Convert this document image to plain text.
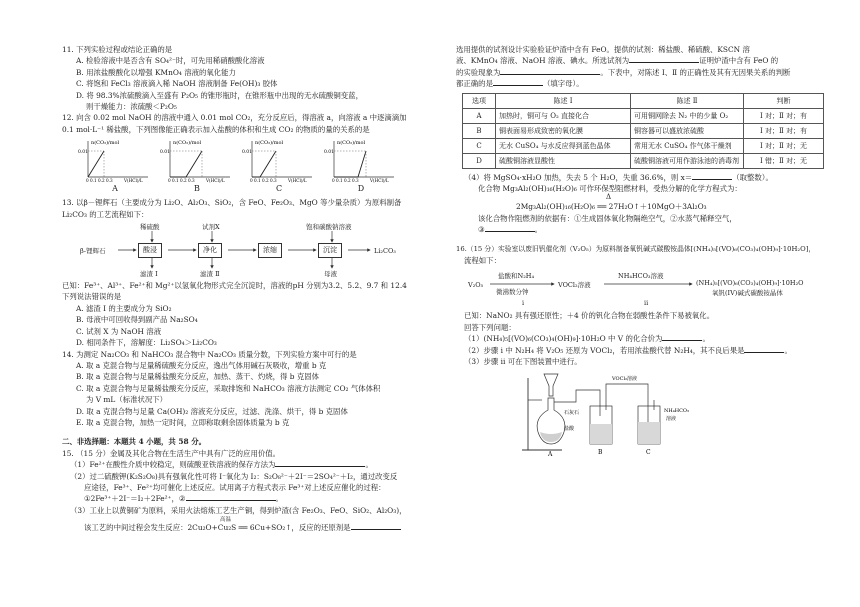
11. 下列实验过程或结论正确的是

A. 检验溶液中是否含有 SO₄²⁻时，可先用稀硝酸酸化溶液

B. 用浓盐酸酸化以增强 KMnO₄ 溶液的氧化能力

C. 将饱和 FeCl₃ 溶液滴入稀 NaOH 溶液制备 Fe(OH)₃ 胶体

D. 将 98.3%浓硫酸滴入至盛有 P₂O₅ 的锥形瓶时，在锥形瓶中出现的无水硫酸铜变蓝，

则干燥能力：浓硫酸＜P₂O₅

12. 向含 0.02 mol NaOH 的溶液中通入 0.01 mol CO₂，充分反应后，得溶液 a，向溶液 a 中逐滴滴加

0.1 mol·L⁻¹ 稀盐酸，下列图像能正确表示加入盐酸的体积和生成 CO₂ 的物质的量的关系的是

n(CO₂)/mol
0.01
0 0.1 0.2 0.3	V(HCl)/L
A
n(CO₂)/mol
0.01
0 0.1 0.2 0.3	V(HCl)/L
B
n(CO₂)/mol
0.01
0 0.1 0.2 0.3	V(HCl)/L
C
n(CO₂)/mol
0.01
0 0.1 0.2 0.3	V(HCl)/L
D

13. 以β－锂辉石（主要成分为 Li₂O、Al₂O₃、SiO₂，含 FeO、Fe₂O₃、MgO 等少量杂质）为原料制备

Li₂CO₃ 的工艺流程如下：

β-锂辉石	酸浸	净化	浓缩	沉淀	Li₂CO₃
稀硫酸	试剂X	饱和碳酸钠溶液
滤渣 Ⅰ	滤渣 Ⅱ	母液

已知：Fe³⁺、Al³⁺、Fe²⁺和 Mg²⁺以氢氧化物形式完全沉淀时，溶液的pH 分别为3.2、5.2、9.7 和 12.4

下列说法错误的是

A. 滤渣 Ⅰ 的主要成分为 SiO₂

B. 母液中可回收得到副产品 Na₂SO₄

C. 试剂 X 为 NaOH 溶液

D. 相同条件下，溶解度：Li₂SO₄＞Li₂CO₃

14. 为测定 Na₂CO₃ 和 NaHCO₃ 混合物中 Na₂CO₃ 质量分数，下列实验方案中可行的是

A. 取 a 克混合物与足量稀硫酸充分反应，逸出气体用碱石灰吸收，增重 b 克

B. 取 a 克混合物与足量稀盐酸充分反应，加热、蒸干、灼烧，得 b 克固体

C. 取 a 克混合物与足量稀盐酸充分反应，采取排饱和 NaHCO₃ 溶液方法测定 CO₂ 气体体积

为 V mL（标准状况下）

D. 取 a 克混合物与足量 Ca(OH)₂ 溶液充分反应，过滤、洗涤、烘干，得 b 克固体

E. 取 a 克混合物，加热一定时间，立即称取剩余固体质量为 b 克

二、非选择题：本题共 4 小题，共 58 分。

15. （15 分）金属及其化合物在生活生产中具有广泛的应用价值。

（1）Fe²⁺在酸性介质中较稳定，则硫酸亚铁溶液的保存方法为	。

（2）过二硫酸钾(K₂S₂O₈)具有强氧化性可将 I⁻氧化为 I₂：S₂O₈²⁻＋2I⁻＝2SO₄²⁻＋I₂，通过改变反

应途径，Fe³⁺、Fe²⁺均可催化上述反应。试用离子方程式表示 Fe³⁺对上述反应催化的过程：

①2Fe³⁺＋2I⁻＝I₂＋2Fe²⁺，②	。

（3）工业上以黄铜矿为原料，采用火法熔炼工艺生产铜，得到炉渣(含 Fe₂O₃、FeO、SiO₂、Al₂O₃)，

该工艺的中间过程会发生反应：2Cu₂O+Cu₂S ══ 6Cu+SO₂↑，反应的还原剂是
高温

选用提供的试剂设计实验验证炉渣中含有 FeO。提供的试剂：稀盐酸、稀硫酸、KSCN 溶

液、KMnO₄ 溶液、NaOH 溶液、碘水。所选试剂为	证明炉渣中含有 FeO 的

的实验现象为	。下表中，对陈述 Ⅰ、Ⅱ 的正确性及其有无因果关系的判断

都正确的是	（填字母）。

选项	陈述 Ⅰ	陈述 Ⅱ	判断
A	加热时，铜可与 O₂ 直接化合	可用铜网除去 N₂ 中的少量 O₂	Ⅰ 对；Ⅱ 对；有
B	铜表面易形成致密的氧化膜	铜容器可以盛放浓硫酸	Ⅰ 对；Ⅱ 对；有
C	无水 CuSO₄ 与水反应得到蓝色晶体	常用无水 CuSO₄ 作气体干燥剂	Ⅰ 对；Ⅱ 对；无
D	硫酸铜溶液显酸性	硫酸铜溶液可用作游泳池的消毒剂	Ⅰ 错；Ⅱ 对；无

（4）将 MgSO₄·xH₂O 加热，失去 5 个 H₂O，失重 36.6%，则 x＝	（取整数）。

化合物 Mg₃Al₂(OH)₁₆(H₂O)₆ 可作环保型阻燃材料，受热分解的化学方程式为：

Δ

2Mg₃Al₂(OH)₁₆(H₂O)₆ ══ 27H₂O↑＋10MgO＋3Al₂O₃

该化合物作阻燃剂的依据有：①生成固体氧化物隔绝空气，②水蒸气稀释空气，

③	。

16.（15 分）实验室以废旧钒催化剂（V₂O₅）为原料制备氧钒碱式碳酸铵晶体[(NH₄)₅[(VO)₆(CO₃)₄(OH)₉]·10H₂O]，

流程如下：

V₂O₅
盐酸和N₂H₄
微沸数分钟
VOCl₂溶液
NH₄HCO₃溶液
(NH₄)₅[(VO)₆(CO₃)₄(OH)₉]·10H₂O
氧钒(IV)碱式碳酸铵晶体
i	ii

已知：NaNO₂ 具有强还原性；＋4 价的钒化合物在弱酸性条件下易被氧化。

回答下列问题：

（1）(NH₄)₅[(VO)₆(CO₃)₄(OH)₉]·10H₂O 中 V 的化合价为	。

（2）步骤 i 中 N₂H₄ 将 V₂O₅ 还原为 VOCl₂，若用浓盐酸代替 N₂H₄，其不良后果是	。

（3）步骤 ii 可在下图装置中进行。

A	B	C
石灰石
盐酸
VOCl₂溶液
NH₄HCO₃
溶液
